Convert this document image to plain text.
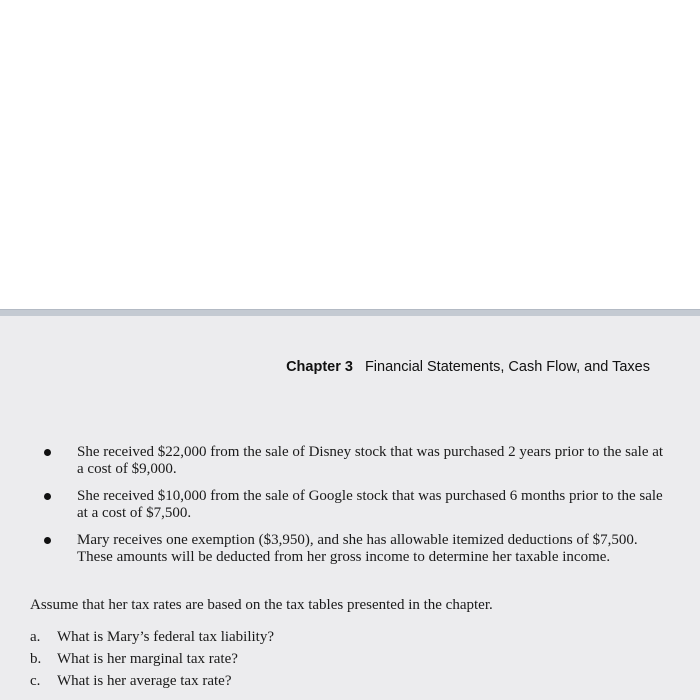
Chapter 3 Financial Statements, Cash Flow, and Taxes
She received $22,000 from the sale of Disney stock that was purchased 2 years prior to the sale at a cost of $9,000.
She received $10,000 from the sale of Google stock that was purchased 6 months prior to the sale at a cost of $7,500.
Mary receives one exemption ($3,950), and she has allowable itemized deductions of $7,500. These amounts will be deducted from her gross income to determine her taxable income.
Assume that her tax rates are based on the tax tables presented in the chapter.
a. What is Mary’s federal tax liability?
b. What is her marginal tax rate?
c. What is her average tax rate?
